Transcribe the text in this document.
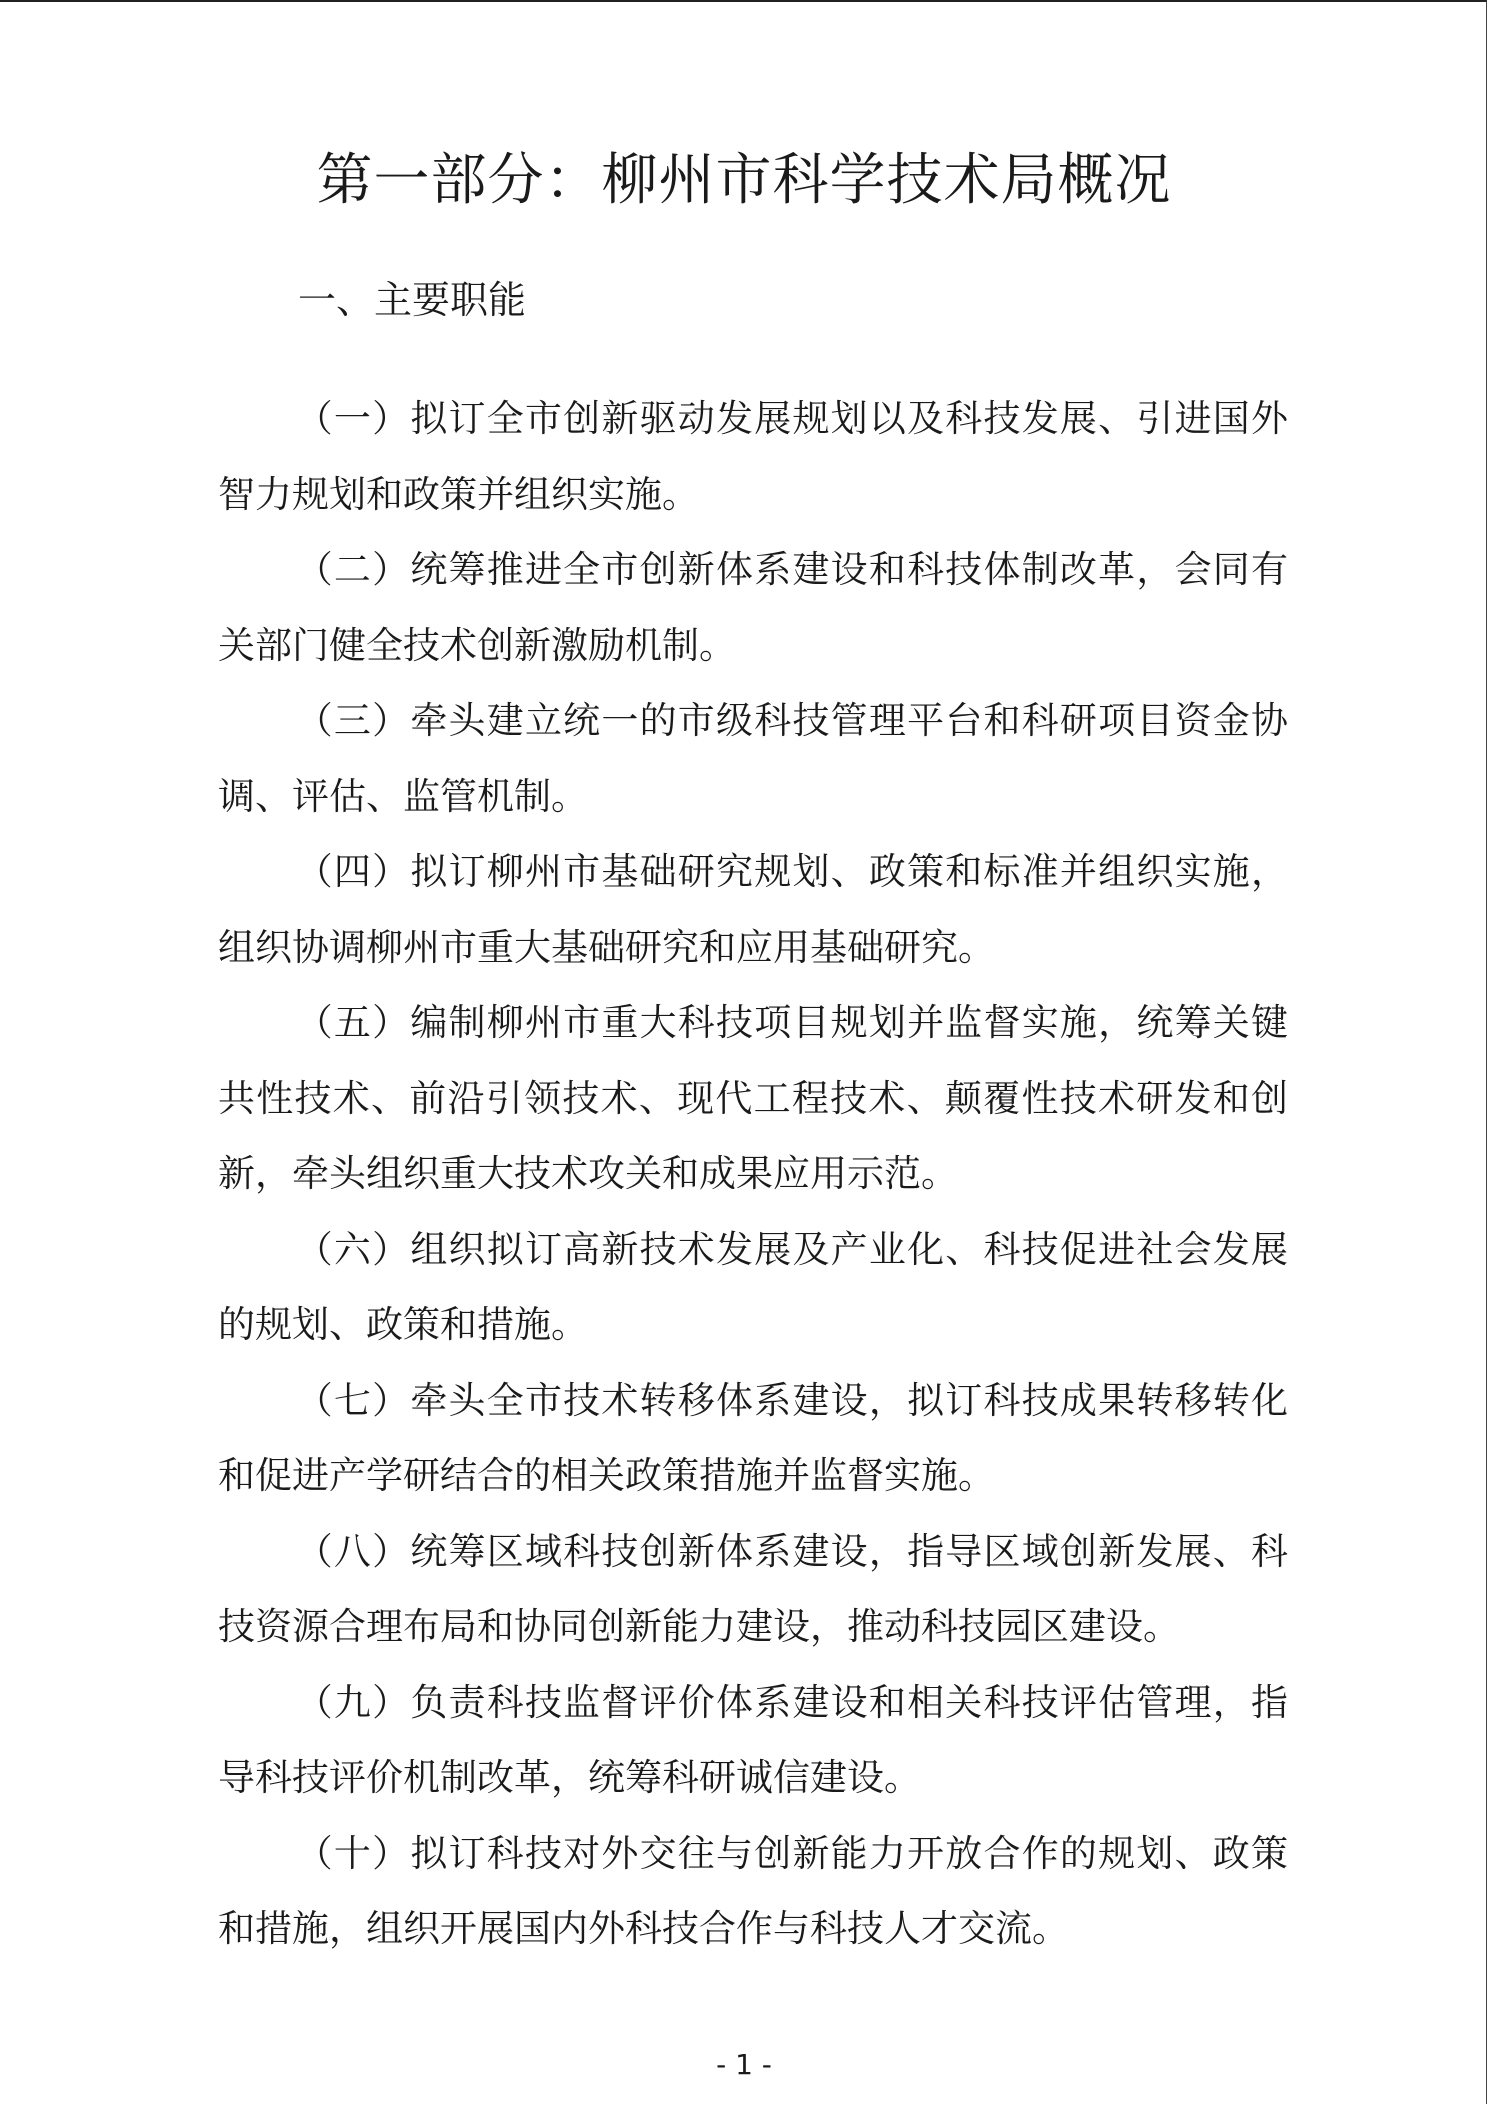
第一部分：柳州市科学技术局概况
一、主要职能

（一）拟订全市创新驱动发展规划以及科技发展、引进国外智力规划和政策并组织实施。

（二）统筹推进全市创新体系建设和科技体制改革，会同有关部门健全技术创新激励机制。

（三）牵头建立统一的市级科技管理平台和科研项目资金协调、评估、监管机制。

（四）拟订柳州市基础研究规划、政策和标准并组织实施，组织协调柳州市重大基础研究和应用基础研究。

（五）编制柳州市重大科技项目规划并监督实施，统筹关键共性技术、前沿引领技术、现代工程技术、颠覆性技术研发和创新，牵头组织重大技术攻关和成果应用示范。

（六）组织拟订高新技术发展及产业化、科技促进社会发展的规划、政策和措施。

（七）牵头全市技术转移体系建设，拟订科技成果转移转化和促进产学研结合的相关政策措施并监督实施。

（八）统筹区域科技创新体系建设，指导区域创新发展、科技资源合理布局和协同创新能力建设，推动科技园区建设。

（九）负责科技监督评价体系建设和相关科技评估管理，指导科技评价机制改革，统筹科研诚信建设。

（十）拟订科技对外交往与创新能力开放合作的规划、政策和措施，组织开展国内外科技合作与科技人才交流。

- 1 -
